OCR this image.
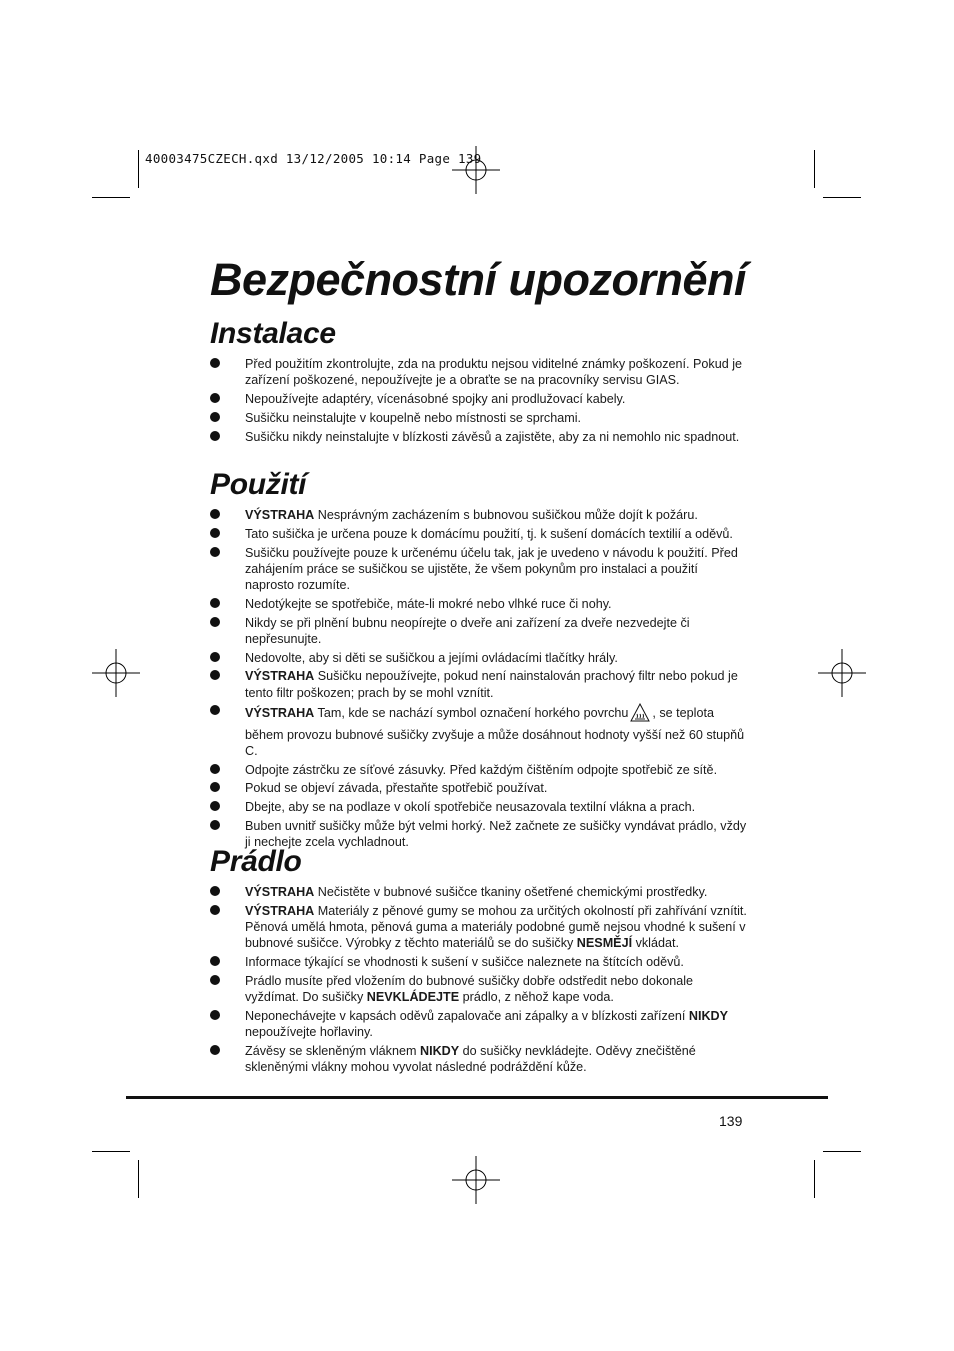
40003475CZECH.qxd 13/12/2005 10:14 Page 139
Bezpečnostní upozornění
Instalace
Před použitím zkontrolujte, zda na produktu nejsou viditelné známky poškození. Pokud je zařízení poškozené, nepoužívejte je a obraťte se na pracovníky servisu GIAS.
Nepoužívejte adaptéry, vícenásobné spojky ani prodlužovací kabely.
Sušičku neinstalujte v koupelně nebo místnosti se sprchami.
Sušičku nikdy neinstalujte v blízkosti závěsů a zajistěte, aby za ni nemohlo nic spadnout.
Použití
VÝSTRAHA Nesprávným zacházením s bubnovou sušičkou může dojít k požáru.
Tato sušička je určena pouze k domácímu použití, tj. k sušení domácích textilií a oděvů.
Sušičku používejte pouze k určenému účelu tak, jak je uvedeno v návodu k použití. Před zahájením práce se sušičkou se ujistěte, že všem pokynům pro instalaci a použití naprosto rozumíte.
Nedotýkejte se spotřebiče, máte-li mokré nebo vlhké ruce či nohy.
Nikdy se při plnění bubnu neopírejte o dveře ani zařízení za dveře nezvedejte či nepřesunujte.
Nedovolte, aby si děti se sušičkou a jejími ovládacími tlačítky hrály.
VÝSTRAHA Sušičku nepoužívejte, pokud není nainstalován prachový filtr nebo pokud je tento filtr poškozen; prach by se mohl vznítit.
VÝSTRAHA Tam, kde se nachází symbol označení horkého povrchu , se teplota během provozu bubnové sušičky zvyšuje a může dosáhnout hodnoty vyšší než 60 stupňů C.
Odpojte zástrčku ze síťové zásuvky. Před každým čištěním odpojte spotřebič ze sítě.
Pokud se objeví závada, přestaňte spotřebič používat.
Dbejte, aby se na podlaze v okolí spotřebiče neusazovala textilní vlákna a prach.
Buben uvnitř sušičky může být velmi horký. Než začnete ze sušičky vyndávat prádlo, vždy ji nechejte zcela vychladnout.
Prádlo
VÝSTRAHA Nečistěte v bubnové sušičce tkaniny ošetřené chemickými prostředky.
VÝSTRAHA Materiály z pěnové gumy se mohou za určitých okolností při zahřívání vznítit. Pěnová umělá hmota, pěnová guma a materiály podobné gumě nejsou vhodné k sušení v bubnové sušičce. Výrobky z těchto materiálů se do sušičky NESMĚJÍ vkládat.
Informace týkající se vhodnosti k sušení v sušičce naleznete na štítcích oděvů.
Prádlo musíte před vložením do bubnové sušičky dobře odstředit nebo dokonale vyždímat. Do sušičky NEVKLÁDEJTE prádlo, z něhož kape voda.
Neponechávejte v kapsách oděvů zapalovače ani zápalky a v blízkosti zařízení NIKDY nepoužívejte hořlaviny.
Závěsy se skleněným vláknem NIKDY do sušičky nevkládejte. Oděvy znečištěné skleněnými vlákny mohou vyvolat následné podráždění kůže.
139
